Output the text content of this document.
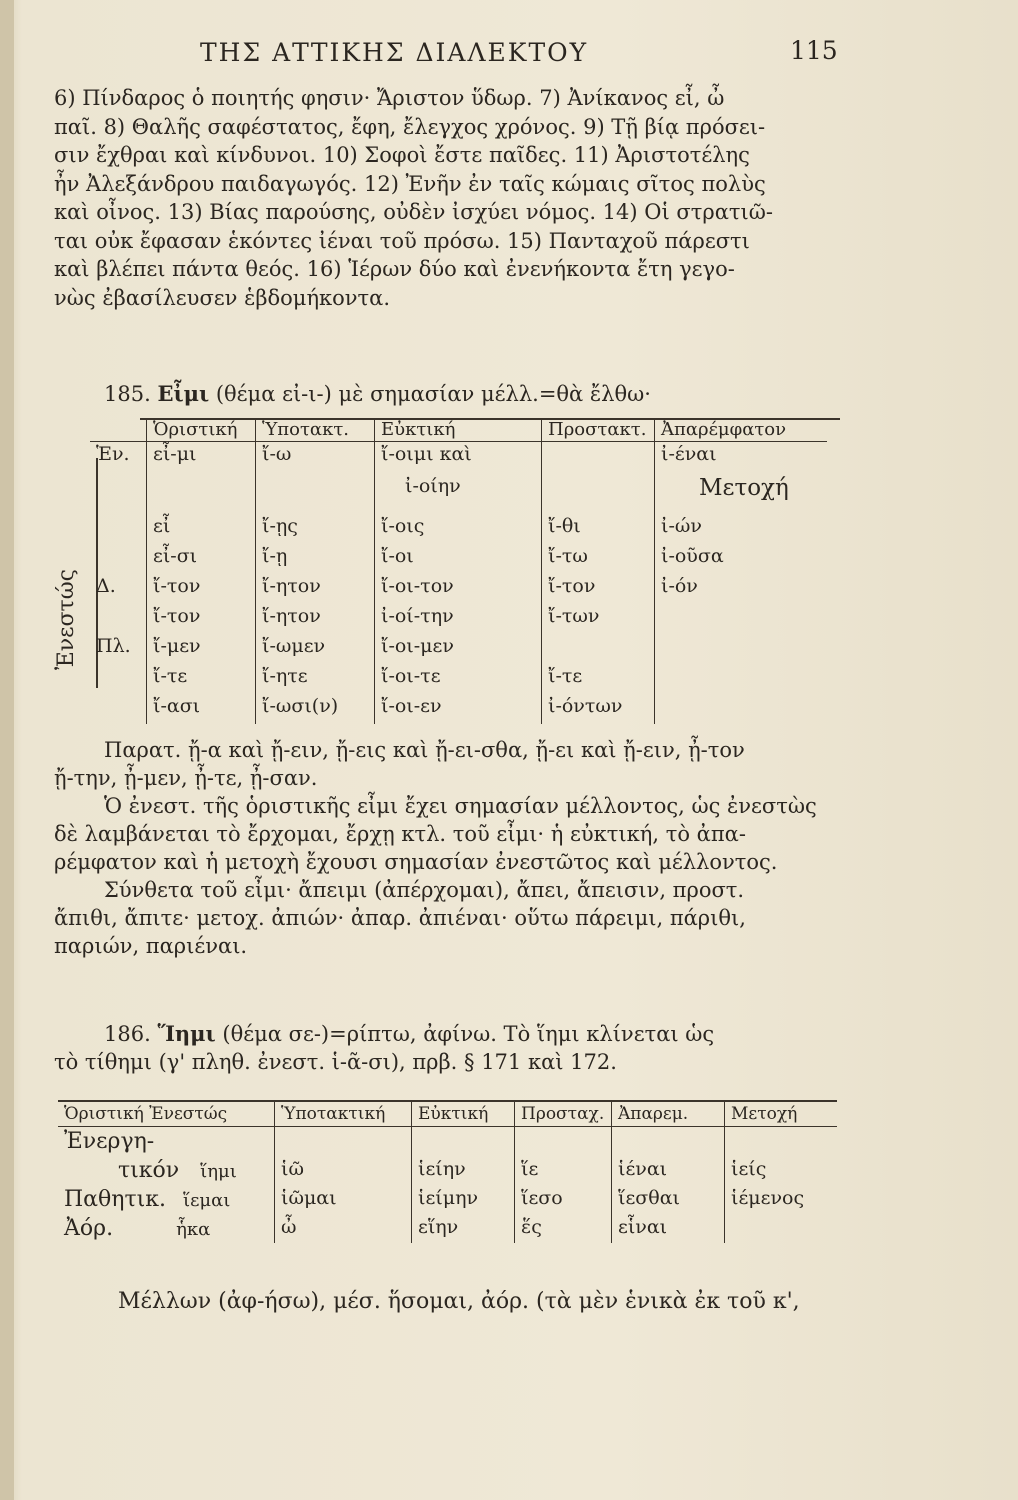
ΤΗΣ ΑΤΤΙΚΗΣ ΔΙΑΛΕΚΤΟΥ	115
6) Πίνδαρος ὁ ποιητής φησιν· Ἄριστον ὕδωρ. 7) Ἀνίκανος εἶ, ὦ
παῖ. 8) Θαλῆς σαφέστατος, ἔφη, ἔλεγχος χρόνος. 9) Τῇ βίᾳ πρόσει-
σιν ἔχθραι καὶ κίνδυνοι. 10) Σοφοὶ ἔστε παῖδες. 11) Ἀριστοτέλης
ἦν Ἀλεξάνδρου παιδαγωγός. 12) Ἐνῆν ἐν ταῖς κώμαις σῖτος πολὺς
καὶ οἶνος. 13) Βίας παρούσης, οὐδὲν ἰσχύει νόμος. 14) Οἱ στρατιῶ-
ται οὐκ ἔφασαν ἑκόντες ἰέναι τοῦ πρόσω. 15) Πανταχοῦ πάρεστι
καὶ βλέπει πάντα θεός. 16) Ἱέρων δύο καὶ ἐνενήκοντα ἔτη γεγο-
νὼς ἐβασίλευσεν ἑβδομήκοντα.
185. Εἶμι (θέμα εἰ-ι-) μὲ σημασίαν μέλλ.=θὰ ἔλθω·
Ἐνεστώς
	Ὁριστική	Ὑποτακτ.	Εὐκτική	Προστακτ.	Ἀπαρέμφατον
Ἑν.	εἶ-μι	ἴ-ω	ἴ-οιμι καὶ		ἰ-έναι
			ἰ-οίην		Μετοχή
	εἶ	ἴ-ῃς	ἴ-οις	ἴ-θι	ἰ-ών
	εἶ-σι	ἴ-ῃ	ἴ-οι	ἴ-τω	ἰ-οῦσα
Δ.	ἴ-τον	ἴ-ητον	ἴ-οι-τον	ἴ-τον	ἰ-όν
	ἴ-τον	ἴ-ητον	ἰ-οί-την	ἴ-των	
Πλ.	ἴ-μεν	ἴ-ωμεν	ἴ-οι-μεν		
	ἴ-τε	ἴ-ητε	ἴ-οι-τε	ἴ-τε	
	ἴ-ασι	ἴ-ωσι(ν)	ἴ-οι-εν	ἰ-όντων	
Παρατ. ᾔ-α καὶ ᾔ-ειν, ᾔ-εις καὶ ᾔ-ει-σθα, ᾔ-ει καὶ ᾔ-ειν, ᾖ-τον
ᾔ-την, ᾖ-μεν, ᾖ-τε, ᾖ-σαν.
Ὁ ἐνεστ. τῆς ὁριστικῆς εἶμι ἔχει σημασίαν μέλλοντος, ὡς ἐνεστὼς
δὲ λαμβάνεται τὸ ἔρχομαι, ἔρχῃ κτλ. τοῦ εἶμι· ἡ εὐκτική, τὸ ἀπα-
ρέμφατον καὶ ἡ μετοχὴ ἔχουσι σημασίαν ἐνεστῶτος καὶ μέλλοντος.
Σύνθετα τοῦ εἶμι· ἄπειμι (ἀπέρχομαι), ἄπει, ἄπεισιν, προστ.
ἄπιθι, ἄπιτε· μετοχ. ἀπιών· ἀπαρ. ἀπιέναι· οὕτω πάρειμι, πάριθι,
παριών, παριέναι.
186. Ἵημι (θέμα σε-)=ρίπτω, ἀφίνω. Τὸ ἵημι κλίνεται ὡς
τὸ τίθημι (γ' πληθ. ἐνεστ. ἱ-ᾶ-σι), πρβ. § 171 καὶ 172.
Ὁριστική Ἐνεστώς	Ὑποτακτική	Εὐκτική	Προσταχ.	Ἀπαρεμ.	Μετοχή
Ἐνεργη-					
τικόν ἵημι	ἱῶ	ἱείην	ἵε	ἱέναι	ἱείς
Παθητικ. ἵεμαι	ἱῶμαι	ἱείμην	ἵεσο	ἵεσθαι	ἱέμενος
Ἀόρ. ἧκα	ὦ	εἵην	ἕς	εἷναι	
Μέλλων (ἀφ-ήσω), μέσ. ἥσομαι, ἀόρ. (τὰ μὲν ἑνικὰ ἐκ τοῦ κ',
